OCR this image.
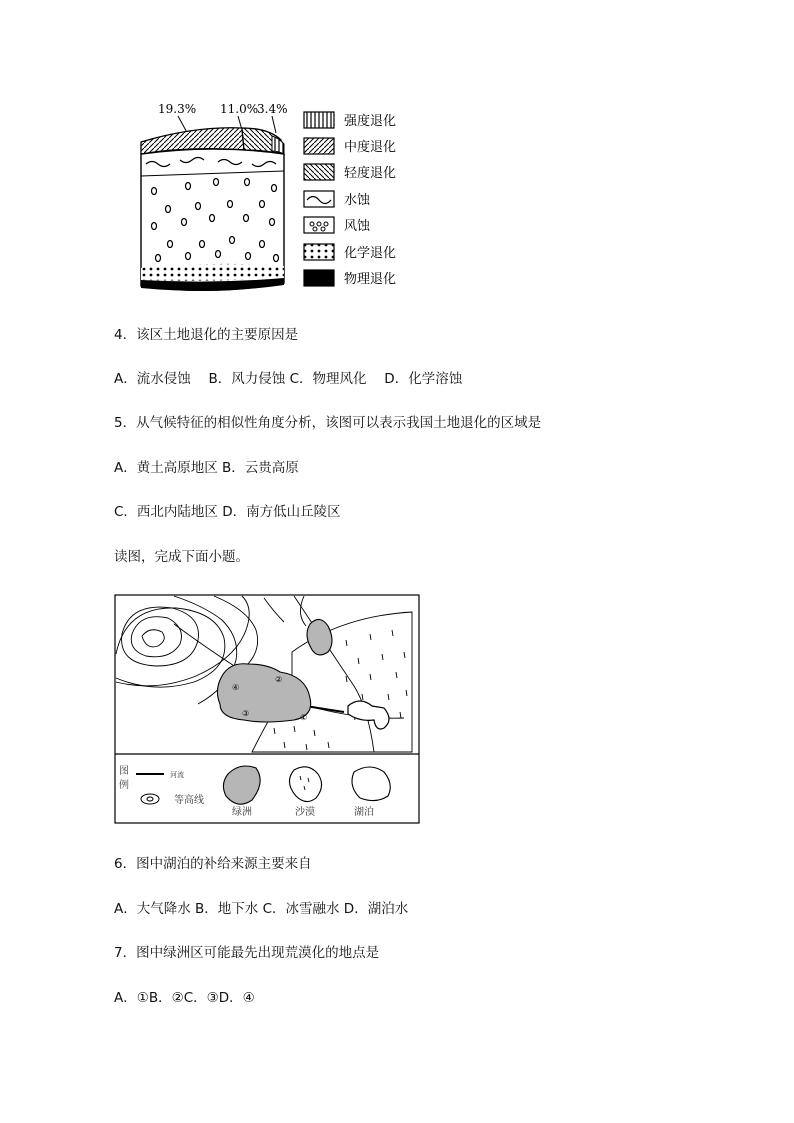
19.3% 11.0%
3.4%
强度退化
中度退化
轻度退化
水蚀
风蚀
化学退化
物理退化
4．该区土地退化的主要原因是
A．流水侵蚀　 B．风力侵蚀 C．物理风化　 D．化学溶蚀
5．从气候特征的相似性角度分析，该图可以表示我国土地退化的区域是
A．黄土高原地区 B．云贵高原
C．西北内陆地区 D．南方低山丘陵区
读图，完成下面小题。
④
②
③	①
图
例
河流
等高线
绿洲	沙漠	湖泊
6．图中湖泊的补给来源主要来自
A．大气降水 B．地下水 C．冰雪融水 D．湖泊水
7．图中绿洲区可能最先出现荒漠化的地点是
A．①B．②C．③D．④
